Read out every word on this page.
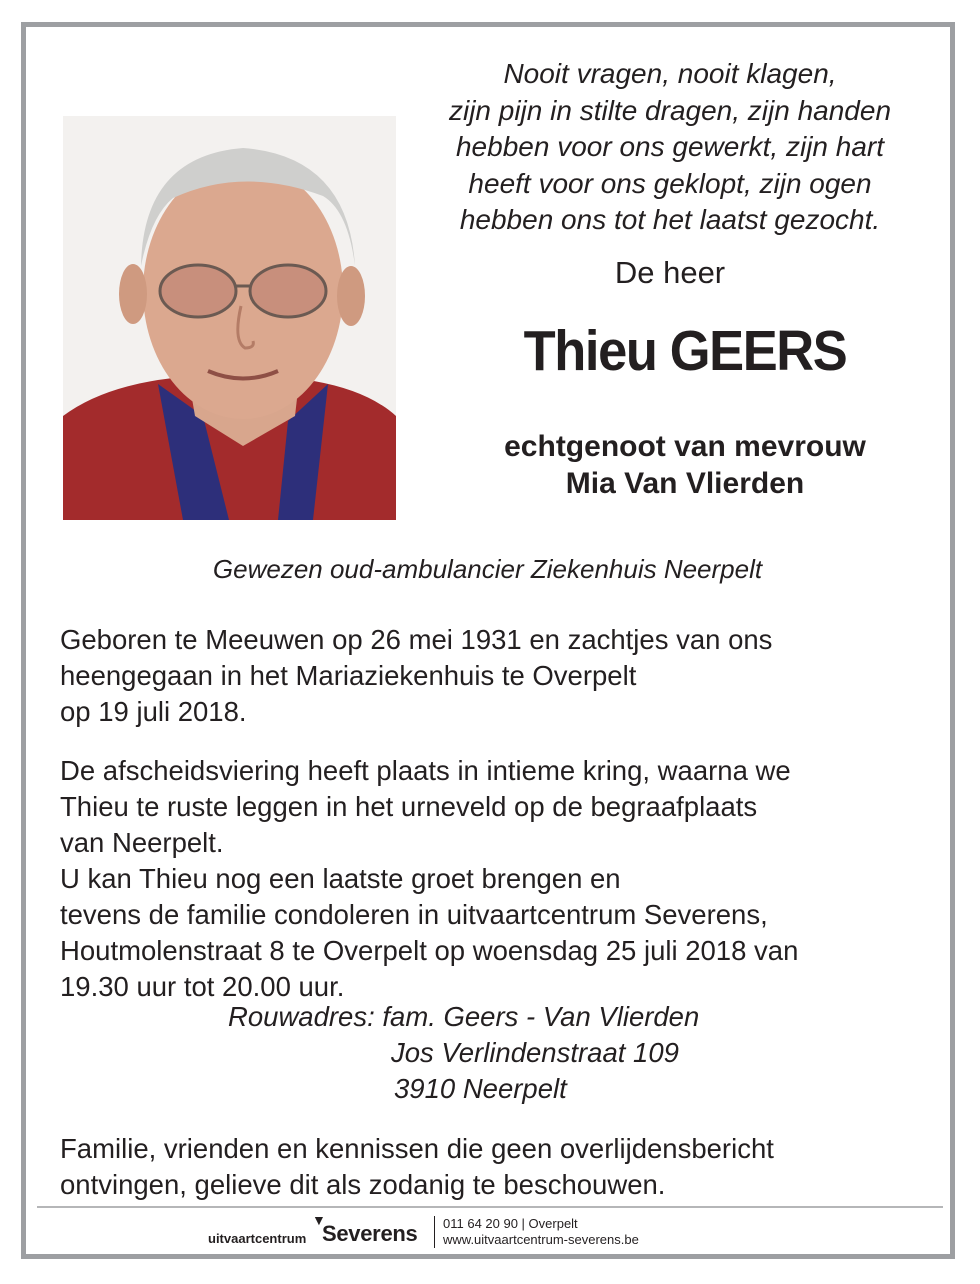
Nooit vragen, nooit klagen,
zijn pijn in stilte dragen, zijn handen
hebben voor ons gewerkt, zijn hart
heeft voor ons geklopt, zijn ogen
hebben ons tot het laatst gezocht.
De heer
Thieu GEERS
echtgenoot van mevrouw
Mia Van Vlierden
Gewezen oud-ambulancier Ziekenhuis Neerpelt
Geboren te Meeuwen op 26 mei 1931 en zachtjes van ons
heengegaan in het Mariaziekenhuis te Overpelt
op 19 juli 2018.
De afscheidsviering heeft plaats in intieme kring, waarna we
Thieu te ruste leggen in het urneveld op de begraafplaats
van Neerpelt.
U kan Thieu nog een laatste groet brengen en
tevens de familie condoleren in uitvaartcentrum Severens,
Houtmolenstraat 8 te Overpelt op woensdag 25 juli 2018 van
19.30 uur tot 20.00 uur.
Rouwadres: fam. Geers - Van Vlierden
Jos Verlindenstraat 109
3910 Neerpelt
Familie, vrienden en kennissen die geen overlijdensbericht
ontvingen, gelieve dit als zodanig te beschouwen.
uitvaartcentrum
▼
Severens 011 64 20 90 | Overpelt
www.uitvaartcentrum-severens.be
